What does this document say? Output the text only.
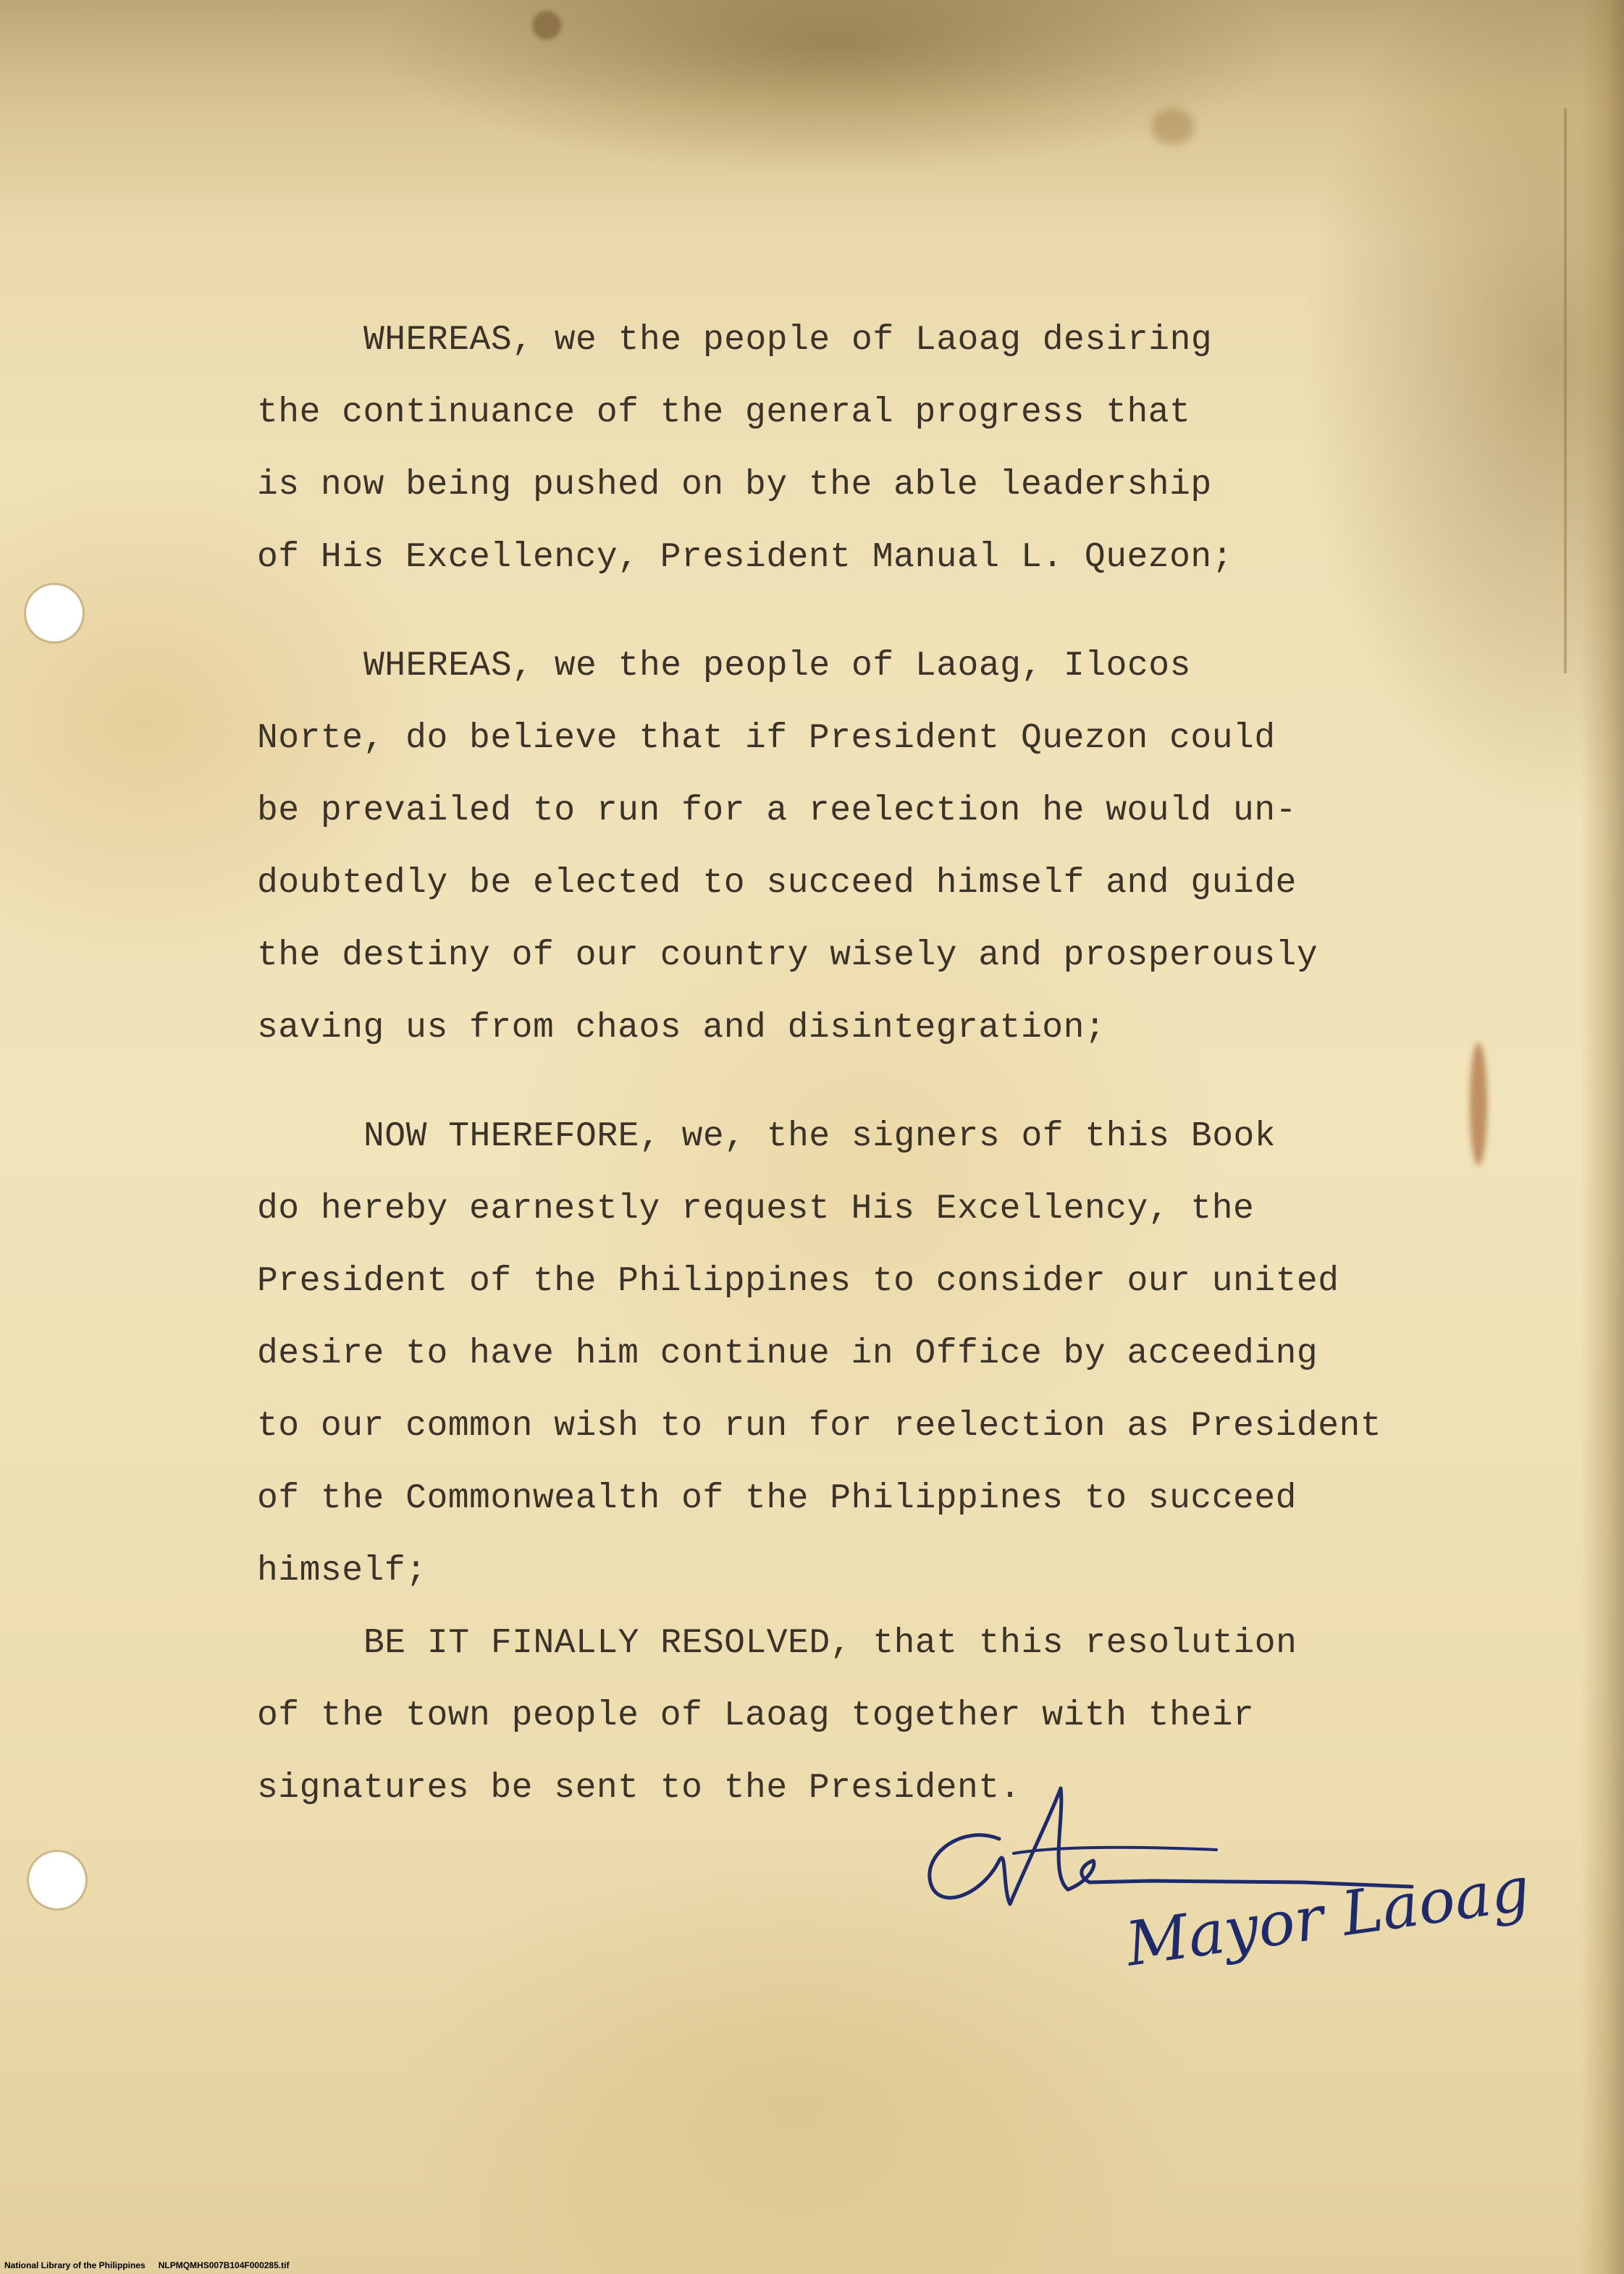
WHEREAS, we the people of Laoag desiring

the continuance of the general progress that

is now being pushed on by the able leadership

of His Excellency, President Manual L. Quezon;

WHEREAS, we the people of Laoag, Ilocos

Norte, do believe that if President Quezon could

be prevailed to run for a reelection he would un-

doubtedly be elected to succeed himself and guide

the destiny of our country wisely and prosperously

saving us from chaos and disintegration;

NOW THEREFORE, we, the signers of this Book

do hereby earnestly request His Excellency, the

President of the Philippines to consider our united

desire to have him continue in Office by acceeding

to our common wish to run for reelection as President

of the Commonwealth of the Philippines to succeed

himself;

BE IT FINALLY RESOLVED, that this resolution

of the town people of Laoag together with their

signatures be sent to the President.

Mayor Laoag
National Library of the Philippines NLPMQMHS007B104F000285.tif
